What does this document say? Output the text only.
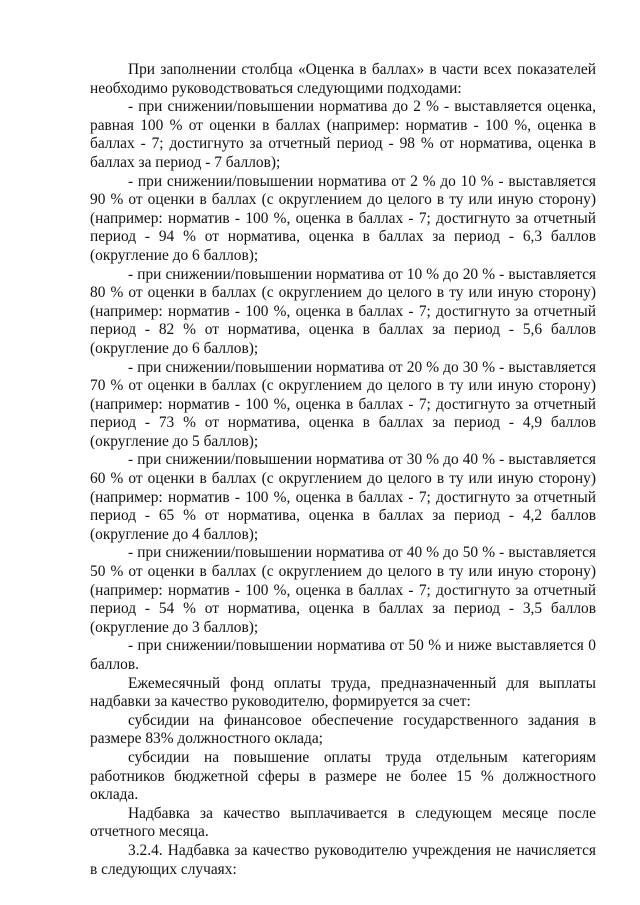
При заполнении столбца «Оценка в баллах» в части всех показателей необходимо руководствоваться следующими подходами:

- при снижении/повышении норматива до 2 % - выставляется оценка, равная 100 % от оценки в баллах (например: норматив - 100 %, оценка в баллах - 7; достигнуто за отчетный период - 98 % от норматива, оценка в баллах за период - 7 баллов);

- при снижении/повышении норматива от 2 % до 10 % - выставляется 90 % от оценки в баллах (с округлением до целого в ту или иную сторону) (например: норматив - 100 %, оценка в баллах - 7; достигнуто за отчетный период - 94 % от норматива, оценка в баллах за период - 6,3 баллов (округление до 6 баллов);

- при снижении/повышении норматива от 10 % до 20 % - выставляется 80 % от оценки в баллах (с округлением до целого в ту или иную сторону) (например: норматив - 100 %, оценка в баллах - 7; достигнуто за отчетный период - 82 % от норматива, оценка в баллах за период - 5,6 баллов (округление до 6 баллов);

- при снижении/повышении норматива от 20 % до 30 % - выставляется 70 % от оценки в баллах (с округлением до целого в ту или иную сторону) (например: норматив - 100 %, оценка в баллах - 7; достигнуто за отчетный период - 73 % от норматива, оценка в баллах за период - 4,9 баллов (округление до 5 баллов);

- при снижении/повышении норматива от 30 % до 40 % - выставляется 60 % от оценки в баллах (с округлением до целого в ту или иную сторону) (например: норматив - 100 %, оценка в баллах - 7; достигнуто за отчетный период - 65 % от норматива, оценка в баллах за период - 4,2 баллов (округление до 4 баллов);

- при снижении/повышении норматива от 40 % до 50 % - выставляется 50 % от оценки в баллах (с округлением до целого в ту или иную сторону) (например: норматив - 100 %, оценка в баллах - 7; достигнуто за отчетный период - 54 % от норматива, оценка в баллах за период - 3,5 баллов (округление до 3 баллов);

- при снижении/повышении норматива от 50 % и ниже выставляется 0 баллов.

Ежемесячный фонд оплаты труда, предназначенный для выплаты надбавки за качество руководителю, формируется за счет:

субсидии на финансовое обеспечение государственного задания в размере 83% должностного оклада;

субсидии на повышение оплаты труда отдельным категориям работников бюджетной сферы в размере не более 15 % должностного оклада.

Надбавка за качество выплачивается в следующем месяце после отчетного месяца.

3.2.4. Надбавка за качество руководителю учреждения не начисляется в следующих случаях:
